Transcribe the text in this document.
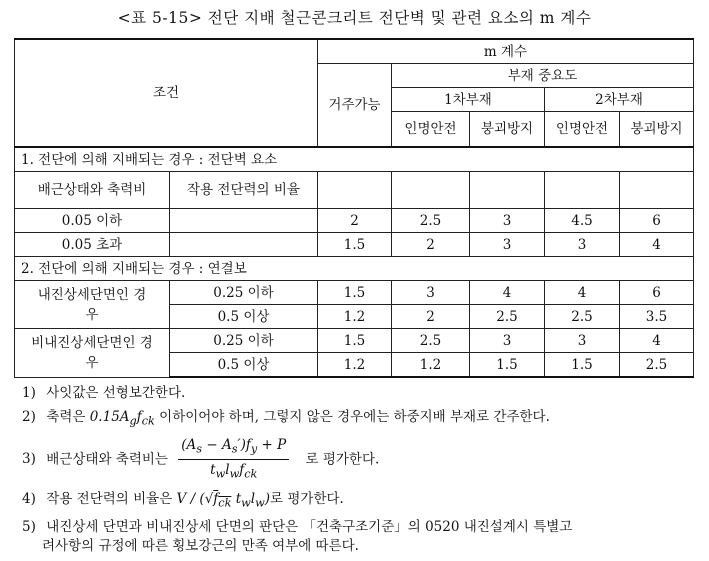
<표 5-15> 전단 지배 철근콘크리트 전단벽 및 관련 요소의 m 계수
조건		m 계수				
		거주가능	부재 중요도			
			1차부재		2차부재	
			인명안전	붕괴방지	인명안전	붕괴방지
1. 전단에 의해 지배되는 경우 : 전단벽 요소						
배근상태와 축력비	작용 전단력의 비율					
0.05 이하		2	2.5	3	4.5	6
0.05 초과		1.5	2	3	3	4
2. 전단에 의해 지배되는 경우 : 연결보						
내진상세단면인 경우	0.25 이하	1.5	3	4	4	6
	0.5 이상	1.2	2	2.5	2.5	3.5
비내진상세단면인 경우	0.25 이하	1.5	2.5	3	3	4
	0.5 이상	1.2	1.2	1.5	1.5	2.5
1) 사잇값은 선형보간한다.
2) 축력은 $0.15A_gf_{ck}$ 이하이어야 하며, 그렇지 않은 경우에는 하중지배 부재로 간주한다.
3) 배근상태와 축력비는 $\frac{(A_s - A_s')f_y + P}{t_wl_wf_{ck}}$ 로 평가한다.
4) 작용 전단력의 비율은 V / ($√f_{ck}$ $t_wl_w$)로 평가한다.
5) 내진상세 단면과 비내진상세 단면의 판단은 「건축구조기준」의 0520 내진설계시 특별고
려사항의 규정에 따른 횡보강근의 만족 여부에 따른다.
